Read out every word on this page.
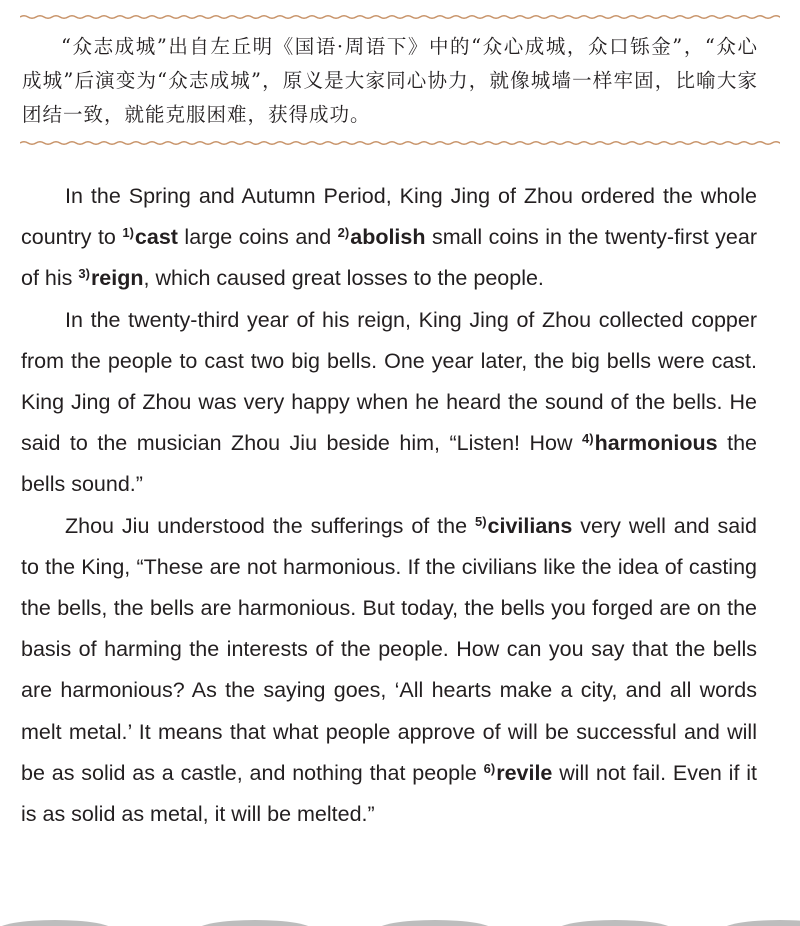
“众志成城”出自左丘明《国语·周语下》中的“众心成城，众口铄金”，“众心成城”后演变为“众志成城”，原义是大家同心协力，就像城墙一样牢固，比喻大家团结一致，就能克服困难，获得成功。

In the Spring and Autumn Period, King Jing of Zhou ordered the whole country to $^{1)}$cast large coins and $^{2)}$abolish small coins in the twenty-first year of his $^{3)}$reign, which caused great losses to the people.

In the twenty-third year of his reign, King Jing of Zhou collected copper from the people to cast two big bells. One year later, the big bells were cast. King Jing of Zhou was very happy when he heard the sound of the bells. He said to the musician Zhou Jiu beside him, “Listen! How $^{4)}$harmonious the bells sound.”

Zhou Jiu understood the sufferings of the $^{5)}$civilians very well and said to the King, “These are not harmonious. If the civilians like the idea of casting the bells, the bells are harmonious. But today, the bells you forged are on the basis of harming the interests of the people. How can you say that the bells are harmonious? As the saying goes, ‘All hearts make a city, and all words melt metal.’ It means that what people approve of will be successful and will be as solid as a castle, and nothing that people $^{6)}$revile will not fail. Even if it is as solid as metal, it will be melted.”
